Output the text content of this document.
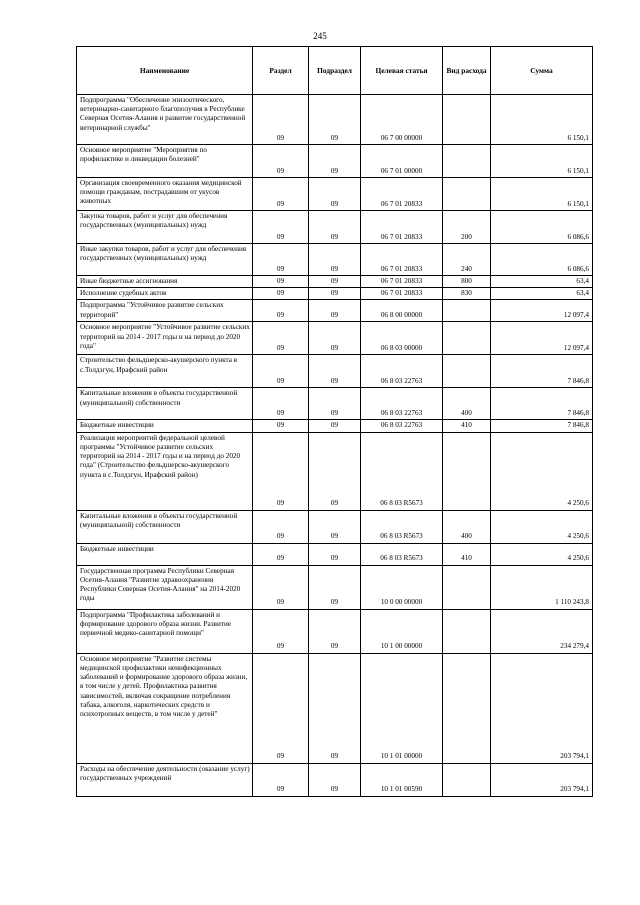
245
Наименование	Раздел	Подраздел	Целевая статья	Вид расхода	Сумма
Подпрограмма "Обеспечение эпизоотического, ветеринарно-санитарного благополучия в Республике Северная Осетия-Алания и развитие государственной ветеринарной службы"	09	09	06 7 00 00000		6 150,1
Основное мероприятие "Мероприятия по профилактике и ликвидации болезней"	09	09	06 7 01 00000		6 150,1
Организация своевременного оказания медицинской помощи гражданам, пострадавшим от укусов животных	09	09	06 7 01 20833		6 150,1
Закупка товаров, работ и услуг для обеспечения государственных (муниципальных) нужд	09	09	06 7 01 20833	200	6 086,6
Иные закупки товаров, работ и услуг для обеспечения государственных (муниципальных) нужд	09	09	06 7 01 20833	240	6 086,6
Иные бюджетные ассигнования	09	09	06 7 01 20833	800	63,4
Исполнение судебных актов	09	09	06 7 01 20833	830	63,4
Подпрограмма "Устойчивое развитие сельских территорий"	09	09	06 8 00 00000		12 097,4
Основное мероприятие "Устойчивое развитие сельских территорий на 2014 - 2017 годы и на период до 2020 года"	09	09	06 8 03 00000		12 097,4
Строительство фельдшерско-акушерского пункта в с.Толдзгун, Ирафский район	09	09	06 8 03 22763		7 846,8
Капитальные вложения в объекты государственной (муниципальной) собственности	09	09	06 8 03 22763	400	7 846,8
Бюджетные инвестиции	09	09	06 8 03 22763	410	7 846,8
Реализация мероприятий федеральной целевой программы "Устойчивое развитие сельских территорий на 2014 - 2017 годы и на период до 2020 года" (Строительство фельдшерско-акушерского пункта в с.Толдзгун, Ирафский район)	09	09	06 8 03 R5673		4 250,6
Капитальные вложения в объекты государственной (муниципальной) собственности	09	09	06 8 03 R5673	400	4 250,6
Бюджетные инвестиции	09	09	06 8 03 R5673	410	4 250,6
Государственная программа Республики Северная Осетия-Алания "Развитие здравоохранения Республики Северная Осетия-Алания" на 2014-2020 годы	09	09	10 0 00 00000		1 110 243,8
Подпрограмма "Профилактика заболеваний и формирование здорового образа жизни. Развитие первичной медико-санитарной помощи"	09	09	10 1 00 00000		234 279,4
Основное мероприятие "Развитие системы медицинской профилактики неинфекционных заболеваний и формирование здорового образа жизни, в том числе у детей. Профилактика развития зависимостей, включая сокращение потребления табака, алкоголя, наркотических средств и психотропных веществ, в том числе у детей"	09	09	10 1 01 00000		203 794,1
Расходы на обеспечение деятельности (оказание услуг) государственных учреждений	09	09	10 1 01 00590		203 794,1
